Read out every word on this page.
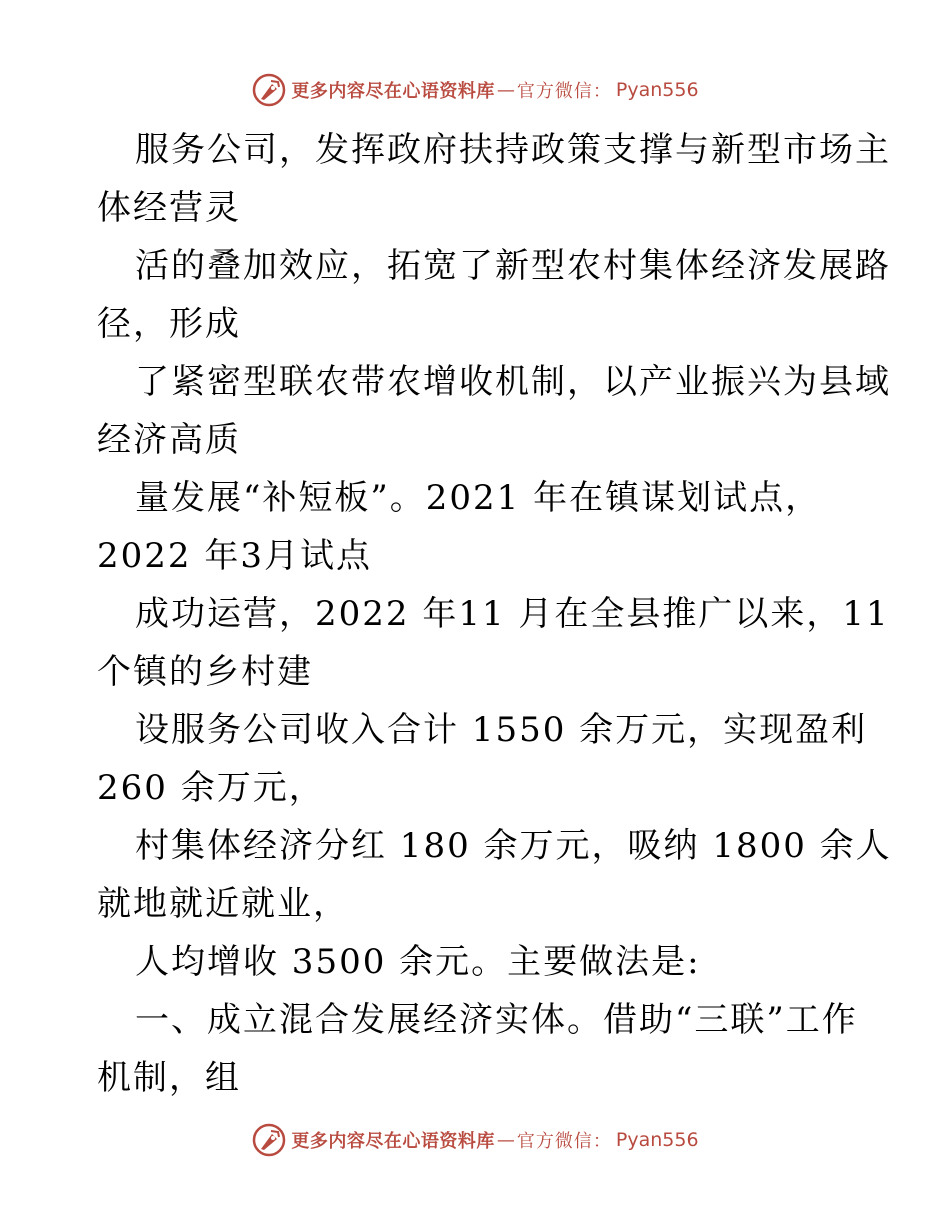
更多内容尽在心语资料库 — 官方微信： Pyan556
服务公司，发挥政府扶持政策支撑与新型市场主
体经营灵
活的叠加效应，拓宽了新型农村集体经济发展路
径，形成
了紧密型联农带农增收机制，以产业振兴为县域
经济高质
量发展“补短板”。2021 年在镇谋划试点，
2022 年3月试点
成功运营，2022 年11 月在全县推广以来，11
个镇的乡村建
设服务公司收入合计 1550 余万元，实现盈利
260 余万元，
村集体经济分红 180 余万元，吸纳 1800 余人
就地就近就业，
人均增收 3500 余元。主要做法是:
一、成立混合发展经济实体。借助“三联”工作
机制，组
更多内容尽在心语资料库 — 官方微信： Pyan556
